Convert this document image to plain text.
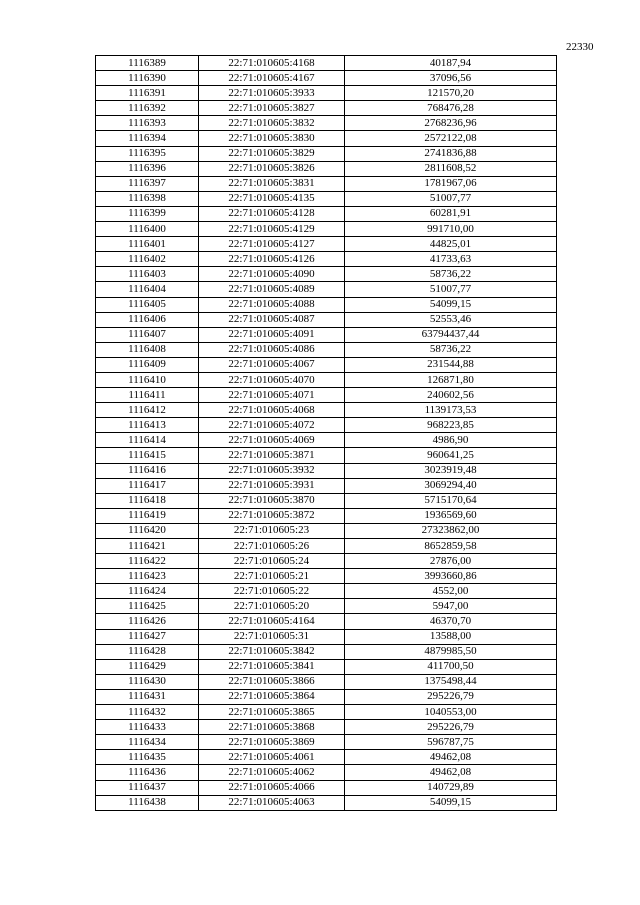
22330
1116389	22:71:010605:4168	40187,94
1116390	22:71:010605:4167	37096,56
1116391	22:71:010605:3933	121570,20
1116392	22:71:010605:3827	768476,28
1116393	22:71:010605:3832	2768236,96
1116394	22:71:010605:3830	2572122,08
1116395	22:71:010605:3829	2741836,88
1116396	22:71:010605:3826	2811608,52
1116397	22:71:010605:3831	1781967,06
1116398	22:71:010605:4135	51007,77
1116399	22:71:010605:4128	60281,91
1116400	22:71:010605:4129	991710,00
1116401	22:71:010605:4127	44825,01
1116402	22:71:010605:4126	41733,63
1116403	22:71:010605:4090	58736,22
1116404	22:71:010605:4089	51007,77
1116405	22:71:010605:4088	54099,15
1116406	22:71:010605:4087	52553,46
1116407	22:71:010605:4091	63794437,44
1116408	22:71:010605:4086	58736,22
1116409	22:71:010605:4067	231544,88
1116410	22:71:010605:4070	126871,80
1116411	22:71:010605:4071	240602,56
1116412	22:71:010605:4068	1139173,53
1116413	22:71:010605:4072	968223,85
1116414	22:71:010605:4069	4986,90
1116415	22:71:010605:3871	960641,25
1116416	22:71:010605:3932	3023919,48
1116417	22:71:010605:3931	3069294,40
1116418	22:71:010605:3870	5715170,64
1116419	22:71:010605:3872	1936569,60
1116420	22:71:010605:23	27323862,00
1116421	22:71:010605:26	8652859,58
1116422	22:71:010605:24	27876,00
1116423	22:71:010605:21	3993660,86
1116424	22:71:010605:22	4552,00
1116425	22:71:010605:20	5947,00
1116426	22:71:010605:4164	46370,70
1116427	22:71:010605:31	13588,00
1116428	22:71:010605:3842	4879985,50
1116429	22:71:010605:3841	411700,50
1116430	22:71:010605:3866	1375498,44
1116431	22:71:010605:3864	295226,79
1116432	22:71:010605:3865	1040553,00
1116433	22:71:010605:3868	295226,79
1116434	22:71:010605:3869	596787,75
1116435	22:71:010605:4061	49462,08
1116436	22:71:010605:4062	49462,08
1116437	22:71:010605:4066	140729,89
1116438	22:71:010605:4063	54099,15
